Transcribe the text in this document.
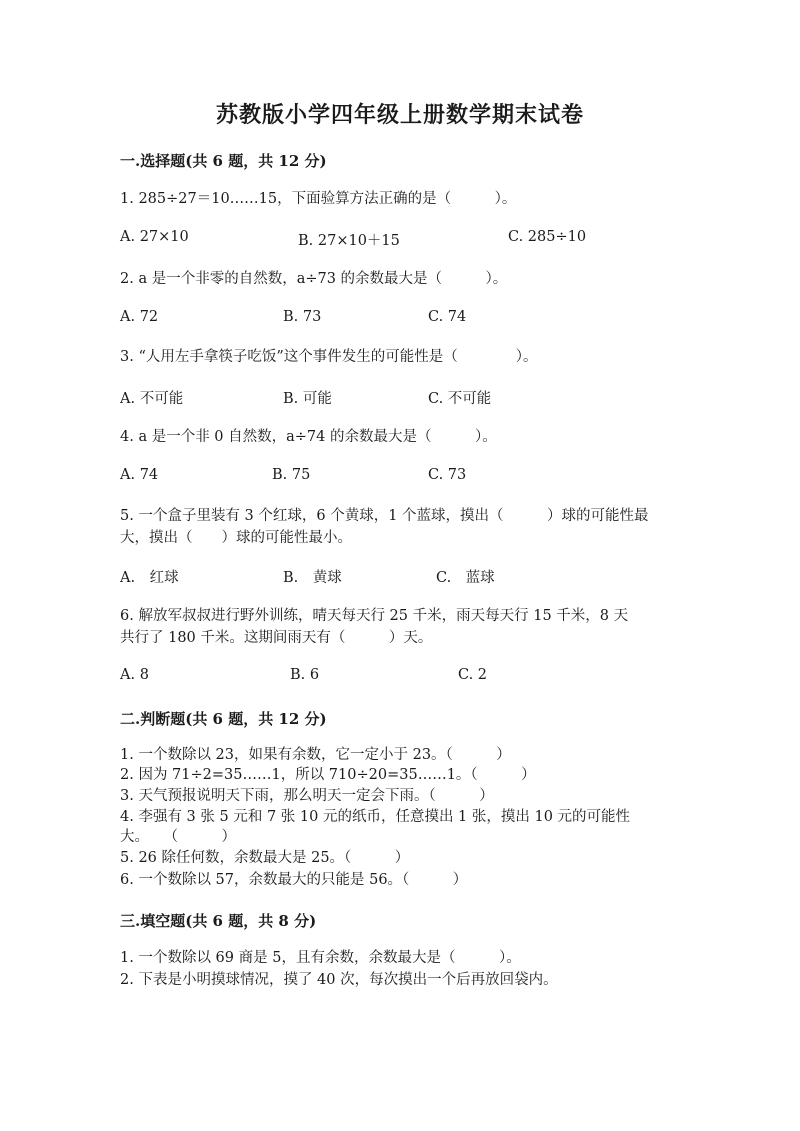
苏教版小学四年级上册数学期末试卷
一.选择题(共 6 题，共 12 分)
1. 285÷27＝10……15，下面验算方法正确的是（　　　）。
A. 27×10	B. 27×10＋15	C. 285÷10
2. a 是一个非零的自然数，a÷73 的余数最大是（　　　）。
A. 72	B. 73	C. 74
3. “人用左手拿筷子吃饭”这个事件发生的可能性是（　　　　）。
A. 不可能	B. 可能	C. 不可能
4. a 是一个非 0 自然数，a÷74 的余数最大是（　　　）。
A. 74	B. 75	C. 73
5. 一个盒子里装有 3 个红球，6 个黄球，1 个蓝球，摸出（　　　）球的可能性最
大，摸出（　　）球的可能性最小。
A.　红球	B.　黄球	C.　蓝球
6. 解放军叔叔进行野外训练，晴天每天行 25 千米，雨天每天行 15 千米，8 天
共行了 180 千米。这期间雨天有（　　　）天。
A. 8	B. 6	C. 2
二.判断题(共 6 题，共 12 分)
1. 一个数除以 23，如果有余数，它一定小于 23。（　　　）
2. 因为 71÷2=35……1，所以 710÷20=35……1。（　　　）
3. 天气预报说明天下雨，那么明天一定会下雨。（　　　）
4. 李强有 3 张 5 元和 7 张 10 元的纸币，任意摸出 1 张，摸出 10 元的可能性
大。　　（　　　）
5. 26 除任何数，余数最大是 25。（　　　）
6. 一个数除以 57，余数最大的只能是 56。（　　　）
三.填空题(共 6 题，共 8 分)
1. 一个数除以 69 商是 5，且有余数，余数最大是（　　　）。
2. 下表是小明摸球情况，摸了 40 次，每次摸出一个后再放回袋内。
